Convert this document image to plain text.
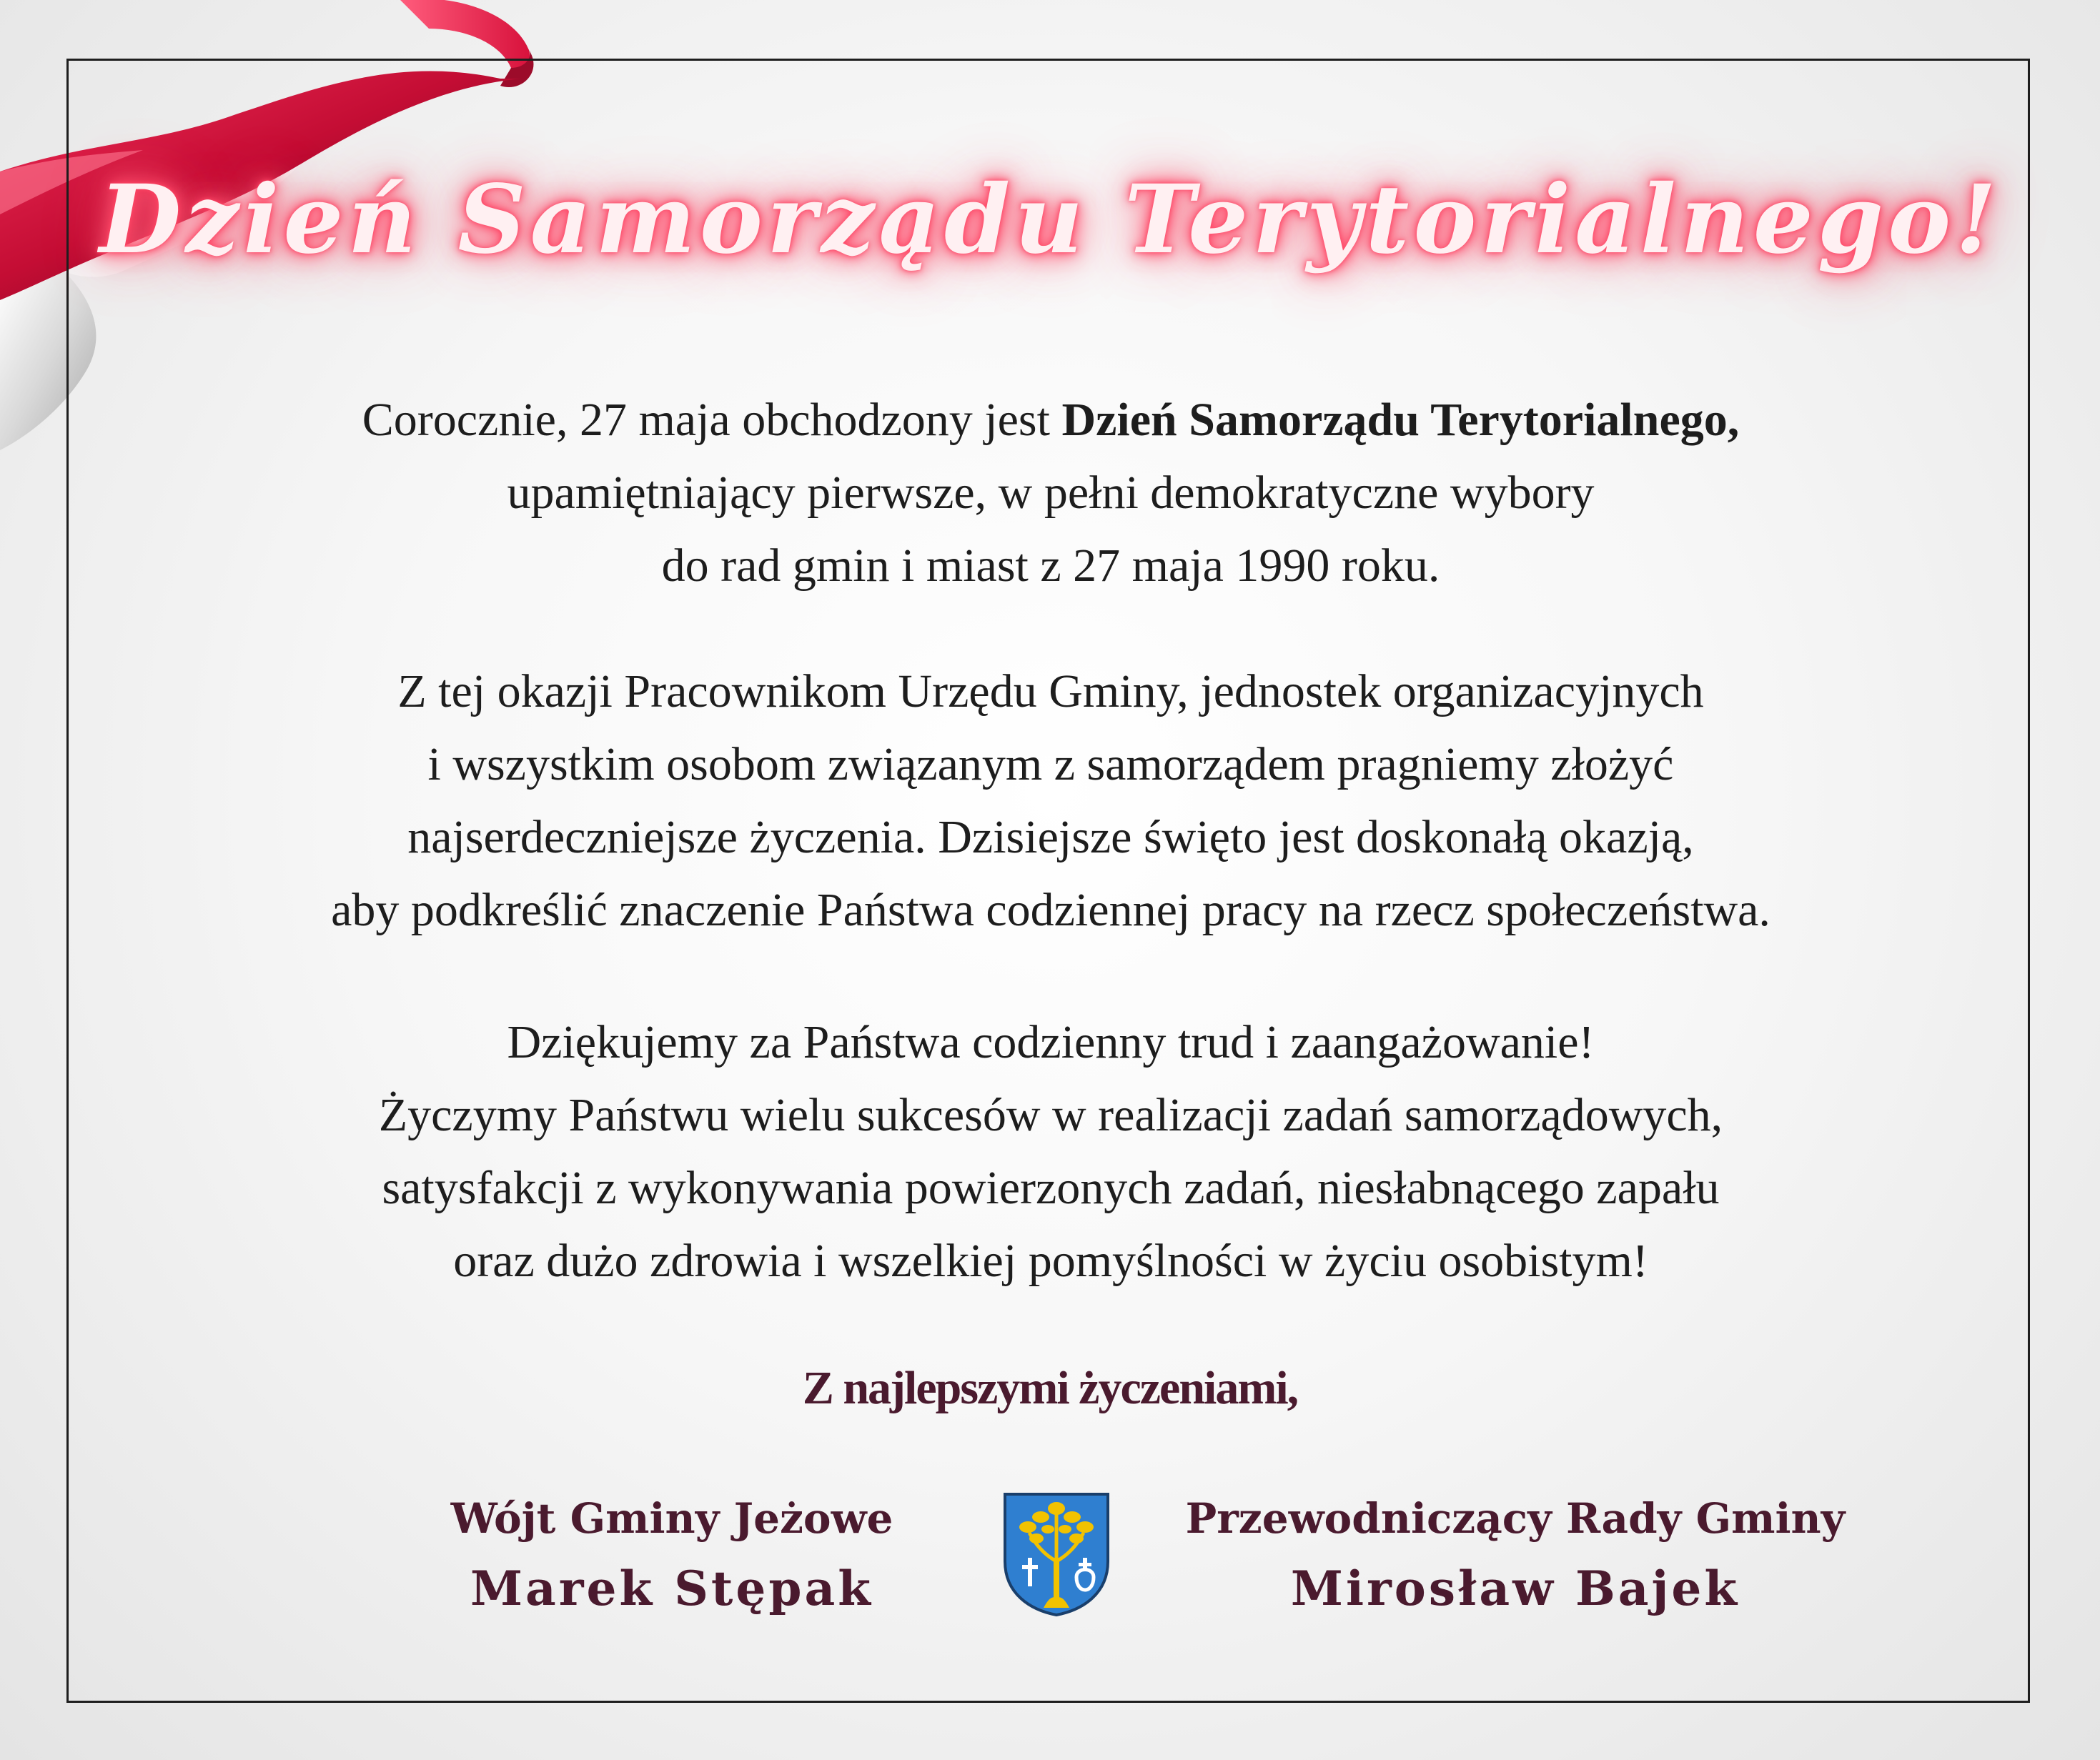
Dzień Samorządu Terytorialnego!
Corocznie, 27 maja obchodzony jest Dzień Samorządu Terytorialnego,
upamiętniający pierwsze, w pełni demokratyczne wybory
do rad gmin i miast z 27 maja 1990 roku.
Z tej okazji Pracownikom Urzędu Gminy, jednostek organizacyjnych
i wszystkim osobom związanym z samorządem pragniemy złożyć
najserdeczniejsze życzenia. Dzisiejsze święto jest doskonałą okazją,
aby podkreślić znaczenie Państwa codziennej pracy na rzecz społeczeństwa.
Dziękujemy za Państwa codzienny trud i zaangażowanie!
Życzymy Państwu wielu sukcesów w realizacji zadań samorządowych,
satysfakcji z wykonywania powierzonych zadań, niesłabnącego zapału
oraz dużo zdrowia i wszelkiej pomyślności w życiu osobistym!
Z najlepszymi życzeniami,
Wójt Gminy Jeżowe
Marek Stępak
Przewodniczący Rady Gminy
Mirosław Bajek
